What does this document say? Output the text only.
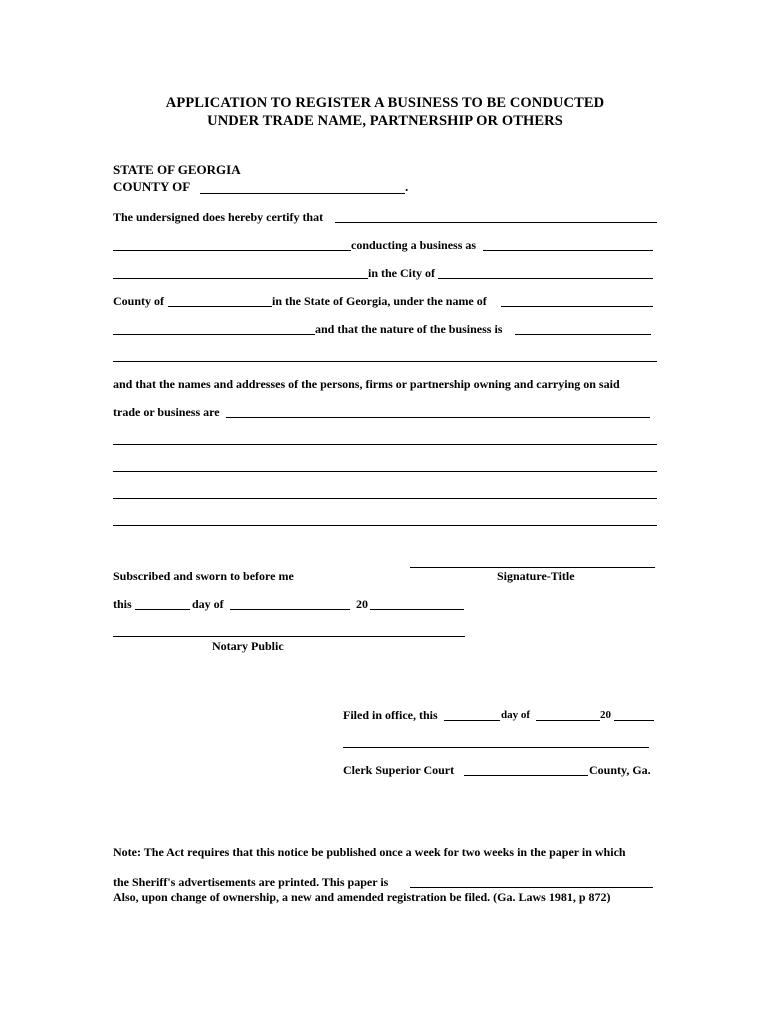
APPLICATION TO REGISTER A BUSINESS TO BE CONDUCTED
UNDER TRADE NAME, PARTNERSHIP OR OTHERS
STATE OF GEORGIA
COUNTY OF	.
The undersigned does hereby certify that
conducting a business as
in the City of
County of	in the State of Georgia, under the name of
and that the nature of the business is
and that the names and addresses of the persons, firms or partnership owning and carrying on said
trade or business are
Subscribed and sworn to before me	Signature-Title
this	day of	20
Notary Public
Filed in office, this	day of	20
Clerk Superior Court	County, Ga.
Note: The Act requires that this notice be published once a week for two weeks in the paper in which
the Sheriff's advertisements are printed. This paper is
Also, upon change of ownership, a new and amended registration be filed. (Ga. Laws 1981, p 872)
